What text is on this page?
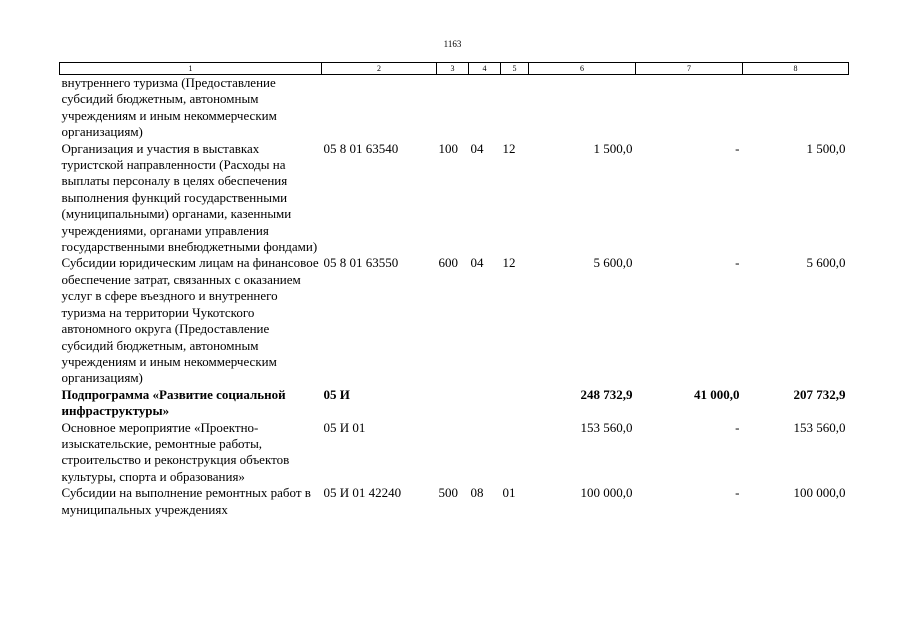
1163
1	2	3	4	5	6	7	8
внутреннего туризма (Предоставление субсидий бюджетным, автономным учреждениям и иным некоммерческим организациям)							
Организация и участия в выставках туристской направленности (Расходы на выплаты персоналу в целях обеспечения выполнения функций государственными (муниципальными) органами, казенными учреждениями, органами управления государственными внебюджетными фондами)	05 8 01 63540	100	04	12	1 500,0	-	1 500,0
Субсидии юридическим лицам на финансовое обеспечение затрат, связанных с оказанием услуг в сфере въездного и внутреннего туризма на территории Чукотского автономного округа (Предоставление субсидий бюджетным, автономным учреждениям и иным некоммерческим организациям)	05 8 01 63550	600	04	12	5 600,0	-	5 600,0
Подпрограмма «Развитие социальной инфраструктуры»	05 И				248 732,9	41 000,0	207 732,9
Основное мероприятие «Проектно-изыскательские, ремонтные работы, строительство и реконструкция объектов культуры, спорта и образования»	05 И 01				153 560,0	-	153 560,0
Субсидии на выполнение ремонтных работ в муниципальных учреждениях	05 И 01 42240	500	08	01	100 000,0	-	100 000,0
